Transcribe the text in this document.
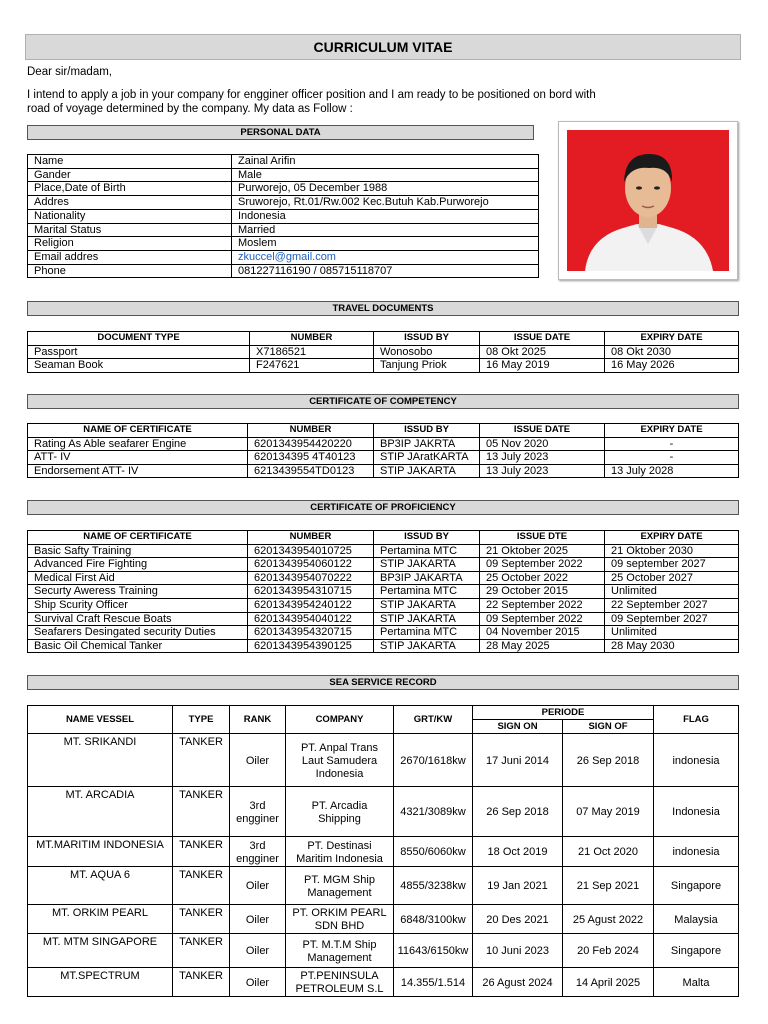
CURRICULUM VITAE
Dear sir/madam,
I intend to apply a job in your company for engginer officer position and I am ready to be positioned on bord with
road of voyage determined by the company. My data as Follow :
PERSONAL DATA
Name	Zainal Arifin
Gander	Male
Place,Date of Birth	Purworejo, 05 December 1988
Addres	Sruworejo, Rt.01/Rw.002 Kec.Butuh Kab.Purworejo
Nationality	Indonesia
Marital Status	Married
Religion	Moslem
Email addres	zkuccel@gmail.com
Phone	081227116190 / 085715118707
TRAVEL DOCUMENTS
DOCUMENT TYPE	NUMBER	ISSUD BY	ISSUE DATE	EXPIRY DATE
Passport	X7186521	Wonosobo	08 Okt 2025	08 Okt 2030
Seaman Book	F247621	Tanjung Priok	16 May 2019	16 May 2026
CERTIFICATE OF COMPETENCY
NAME OF CERTIFICATE	NUMBER	ISSUD BY	ISSUE DATE	EXPIRY DATE
Rating As Able seafarer Engine	6201343954420220	BP3IP JAKRTA	05 Nov 2020	-
ATT- IV	620134395 4T40123	STIP JAratKARTA	13 July 2023	-
Endorsement ATT- IV	6213439554TD0123	STIP JAKARTA	13 July 2023	13 July 2028
CERTIFICATE OF PROFICIENCY
NAME OF CERTIFICATE	NUMBER	ISSUD BY	ISSUE DTE	EXPIRY DATE
Basic Safty Training	6201343954010725	Pertamina MTC	21 Oktober 2025	21 Oktober 2030
Advanced Fire Fighting	6201343954060122	STIP JAKARTA	09 September 2022	09 september 2027
Medical First Aid	6201343954070222	BP3IP JAKARTA	25 October 2022	25 October 2027
Securty Aweress Training	6201343954310715	Pertamina MTC	29 October 2015	Unlimited
Ship Scurity Officer	6201343954240122	STIP JAKARTA	22 September 2022	22 September 2027
Survival Craft Rescue Boats	6201343954040122	STIP JAKARTA	09 September 2022	09 September 2027
Seafarers Desingated security Duties	6201343954320715	Pertamina MTC	04 November 2015	Unlimited
Basic Oil Chemical Tanker	6201343954390125	STIP JAKARTA	28 May 2025	28 May 2030
SEA SERVICE RECORD
NAME VESSEL	TYPE	RANK	COMPANY	GRT/KW	PERIODE		FLAG
					SIGN ON	SIGN OF	
MT. SRIKANDI	TANKER	Oiler	PT. Anpal Trans Laut Samudera Indonesia	2670/1618kw	17 Juni 2014	26 Sep 2018	indonesia
MT. ARCADIA	TANKER	3rd engginer	PT. Arcadia Shipping	4321/3089kw	26 Sep 2018	07 May 2019	Indonesia
MT.MARITIM INDONESIA	TANKER	3rd engginer	PT. Destinasi Maritim Indonesia	8550/6060kw	18 Oct 2019	21 Oct 2020	indonesia
MT. AQUA 6	TANKER	Oiler	PT. MGM Ship Management	4855/3238kw	19 Jan 2021	21 Sep 2021	Singapore
MT. ORKIM PEARL	TANKER	Oiler	PT. ORKIM PEARL SDN BHD	6848/3100kw	20 Des 2021	25 Agust 2022	Malaysia
MT. MTM SINGAPORE	TANKER	Oiler	PT. M.T.M Ship Management	11643/6150kw	10 Juni 2023	20 Feb 2024	Singapore
MT.SPECTRUM	TANKER	Oiler	PT.PENINSULA PETROLEUM S.L	14.355/1.514	26 Agust 2024	14 April 2025	Malta
